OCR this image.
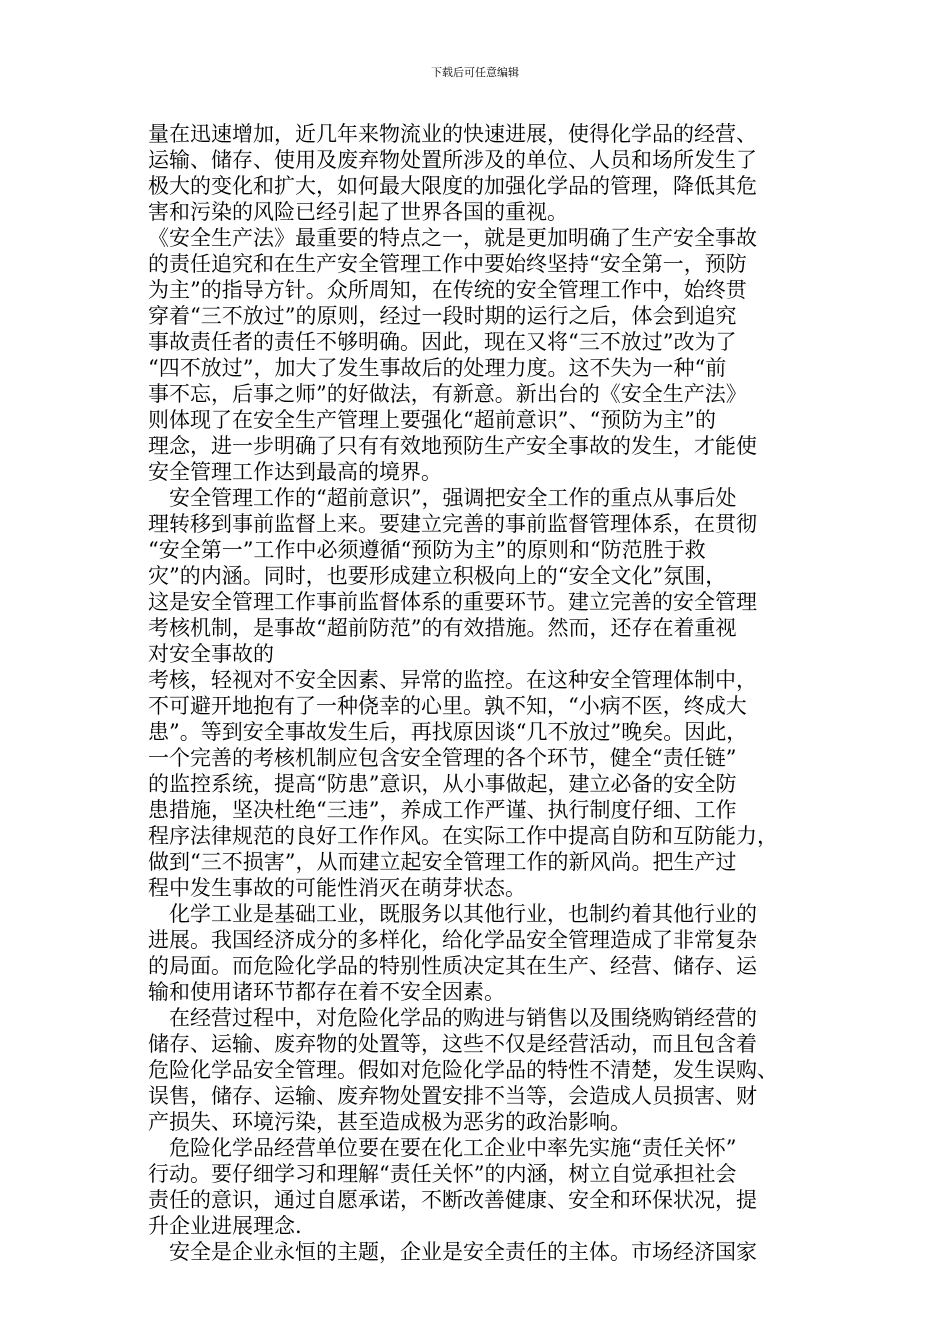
下载后可任意编辑
量在迅速增加，近几年来物流业的快速进展，使得化学品的经营、
运输、储存、使用及废弃物处置所涉及的单位、人员和场所发生了
极大的变化和扩大，如何最大限度的加强化学品的管理，降低其危
害和污染的风险已经引起了世界各国的重视。
《安全生产法》最重要的特点之一，就是更加明确了生产安全事故
的责任追究和在生产安全管理工作中要始终坚持“安全第一，预防
为主”的指导方针。众所周知，在传统的安全管理工作中，始终贯
穿着“三不放过”的原则，经过一段时期的运行之后，体会到追究
事故责任者的责任不够明确。因此，现在又将“三不放过”改为了
“四不放过”，加大了发生事故后的处理力度。这不失为一种“前
事不忘，后事之师”的好做法，有新意。新出台的《安全生产法》
则体现了在安全生产管理上要强化“超前意识”、“预防为主”的
理念，进一步明确了只有有效地预防生产安全事故的发生，才能使
安全管理工作达到最高的境界。
　安全管理工作的“超前意识”，强调把安全工作的重点从事后处
理转移到事前监督上来。要建立完善的事前监督管理体系，在贯彻
“安全第一”工作中必须遵循“预防为主”的原则和“防范胜于救
灾”的内涵。同时，也要形成建立积极向上的“安全文化”氛围，
这是安全管理工作事前监督体系的重要环节。建立完善的安全管理
考核机制，是事故“超前防范”的有效措施。然而，还存在着重视
对安全事故的
考核，轻视对不安全因素、异常的监控。在这种安全管理体制中，
不可避开地抱有了一种侥幸的心里。孰不知，“小病不医，终成大
患”。等到安全事故发生后，再找原因谈“几不放过”晚矣。因此，
一个完善的考核机制应包含安全管理的各个环节，健全“责任链”
的监控系统，提高“防患”意识，从小事做起，建立必备的安全防
患措施，坚决杜绝“三违”，养成工作严谨、执行制度仔细、工作
程序法律规范的良好工作作风。在实际工作中提高自防和互防能力，
做到“三不损害”，从而建立起安全管理工作的新风尚。把生产过
程中发生事故的可能性消灭在萌芽状态。
　化学工业是基础工业，既服务以其他行业，也制约着其他行业的
进展。我国经济成分的多样化，给化学品安全管理造成了非常复杂
的局面。而危险化学品的特别性质决定其在生产、经营、储存、运
输和使用诸环节都存在着不安全因素。
　在经营过程中，对危险化学品的购进与销售以及围绕购销经营的
储存、运输、废弃物的处置等，这些不仅是经营活动，而且包含着
危险化学品安全管理。假如对危险化学品的特性不清楚，发生误购、
误售，储存、运输、废弃物处置安排不当等，会造成人员损害、财
产损失、环境污染，甚至造成极为恶劣的政治影响。
　危险化学品经营单位要在要在化工企业中率先实施“责任关怀”
行动。要仔细学习和理解“责任关怀”的内涵，树立自觉承担社会
责任的意识，通过自愿承诺，不断改善健康、安全和环保状况，提
升企业进展理念.
　安全是企业永恒的主题，企业是安全责任的主体。市场经济国家
